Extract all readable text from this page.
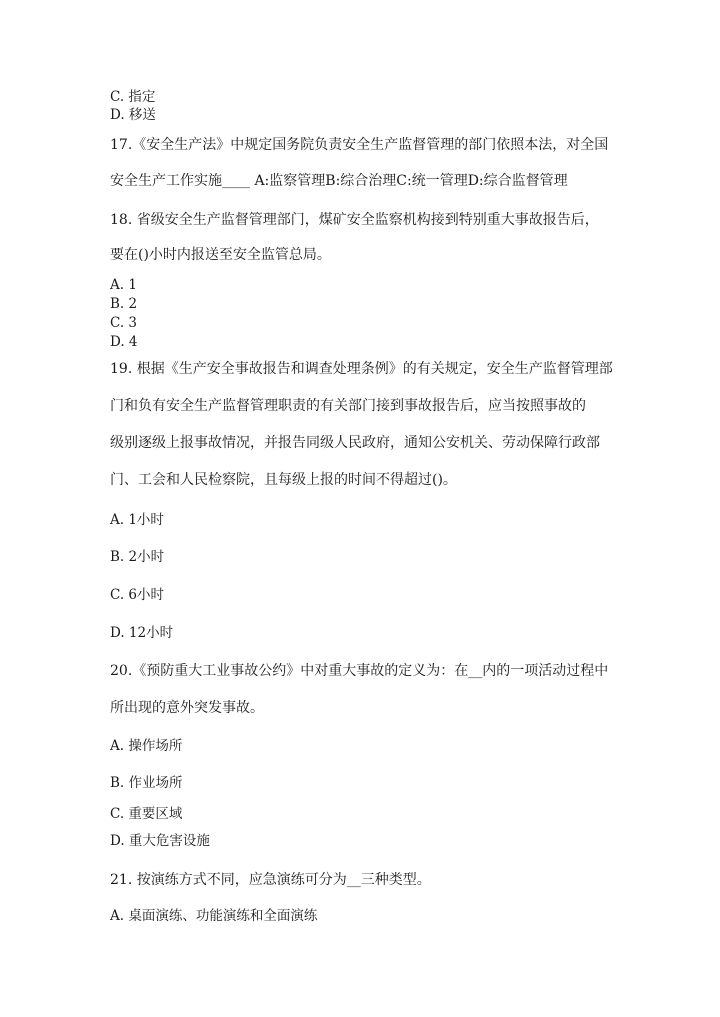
C. 指定

D. 移送

17.《安全生产法》中规定国务院负责安全生产监督管理的部门依照本法，对全国

安全生产工作实施____ A:监察管理B:综合治理C:统一管理D:综合监督管理

18. 省级安全生产监督管理部门，煤矿安全监察机构接到特别重大事故报告后，

要在()小时内报送至安全监管总局。

A. 1

B. 2

C. 3

D. 4

19. 根据《生产安全事故报告和调查处理条例》的有关规定，安全生产监督管理部

门和负有安全生产监督管理职责的有关部门接到事故报告后，应当按照事故的

级别逐级上报事故情况，并报告同级人民政府，通知公安机关、劳动保障行政部

门、工会和人民检察院，且每级上报的时间不得超过()。

A. 1小时

B. 2小时

C. 6小时

D. 12小时

20.《预防重大工业事故公约》中对重大事故的定义为：在__内的一项活动过程中

所出现的意外突发事故。

A. 操作场所

B. 作业场所

C. 重要区域

D. 重大危害设施

21. 按演练方式不同，应急演练可分为__三种类型。

A. 桌面演练、功能演练和全面演练
